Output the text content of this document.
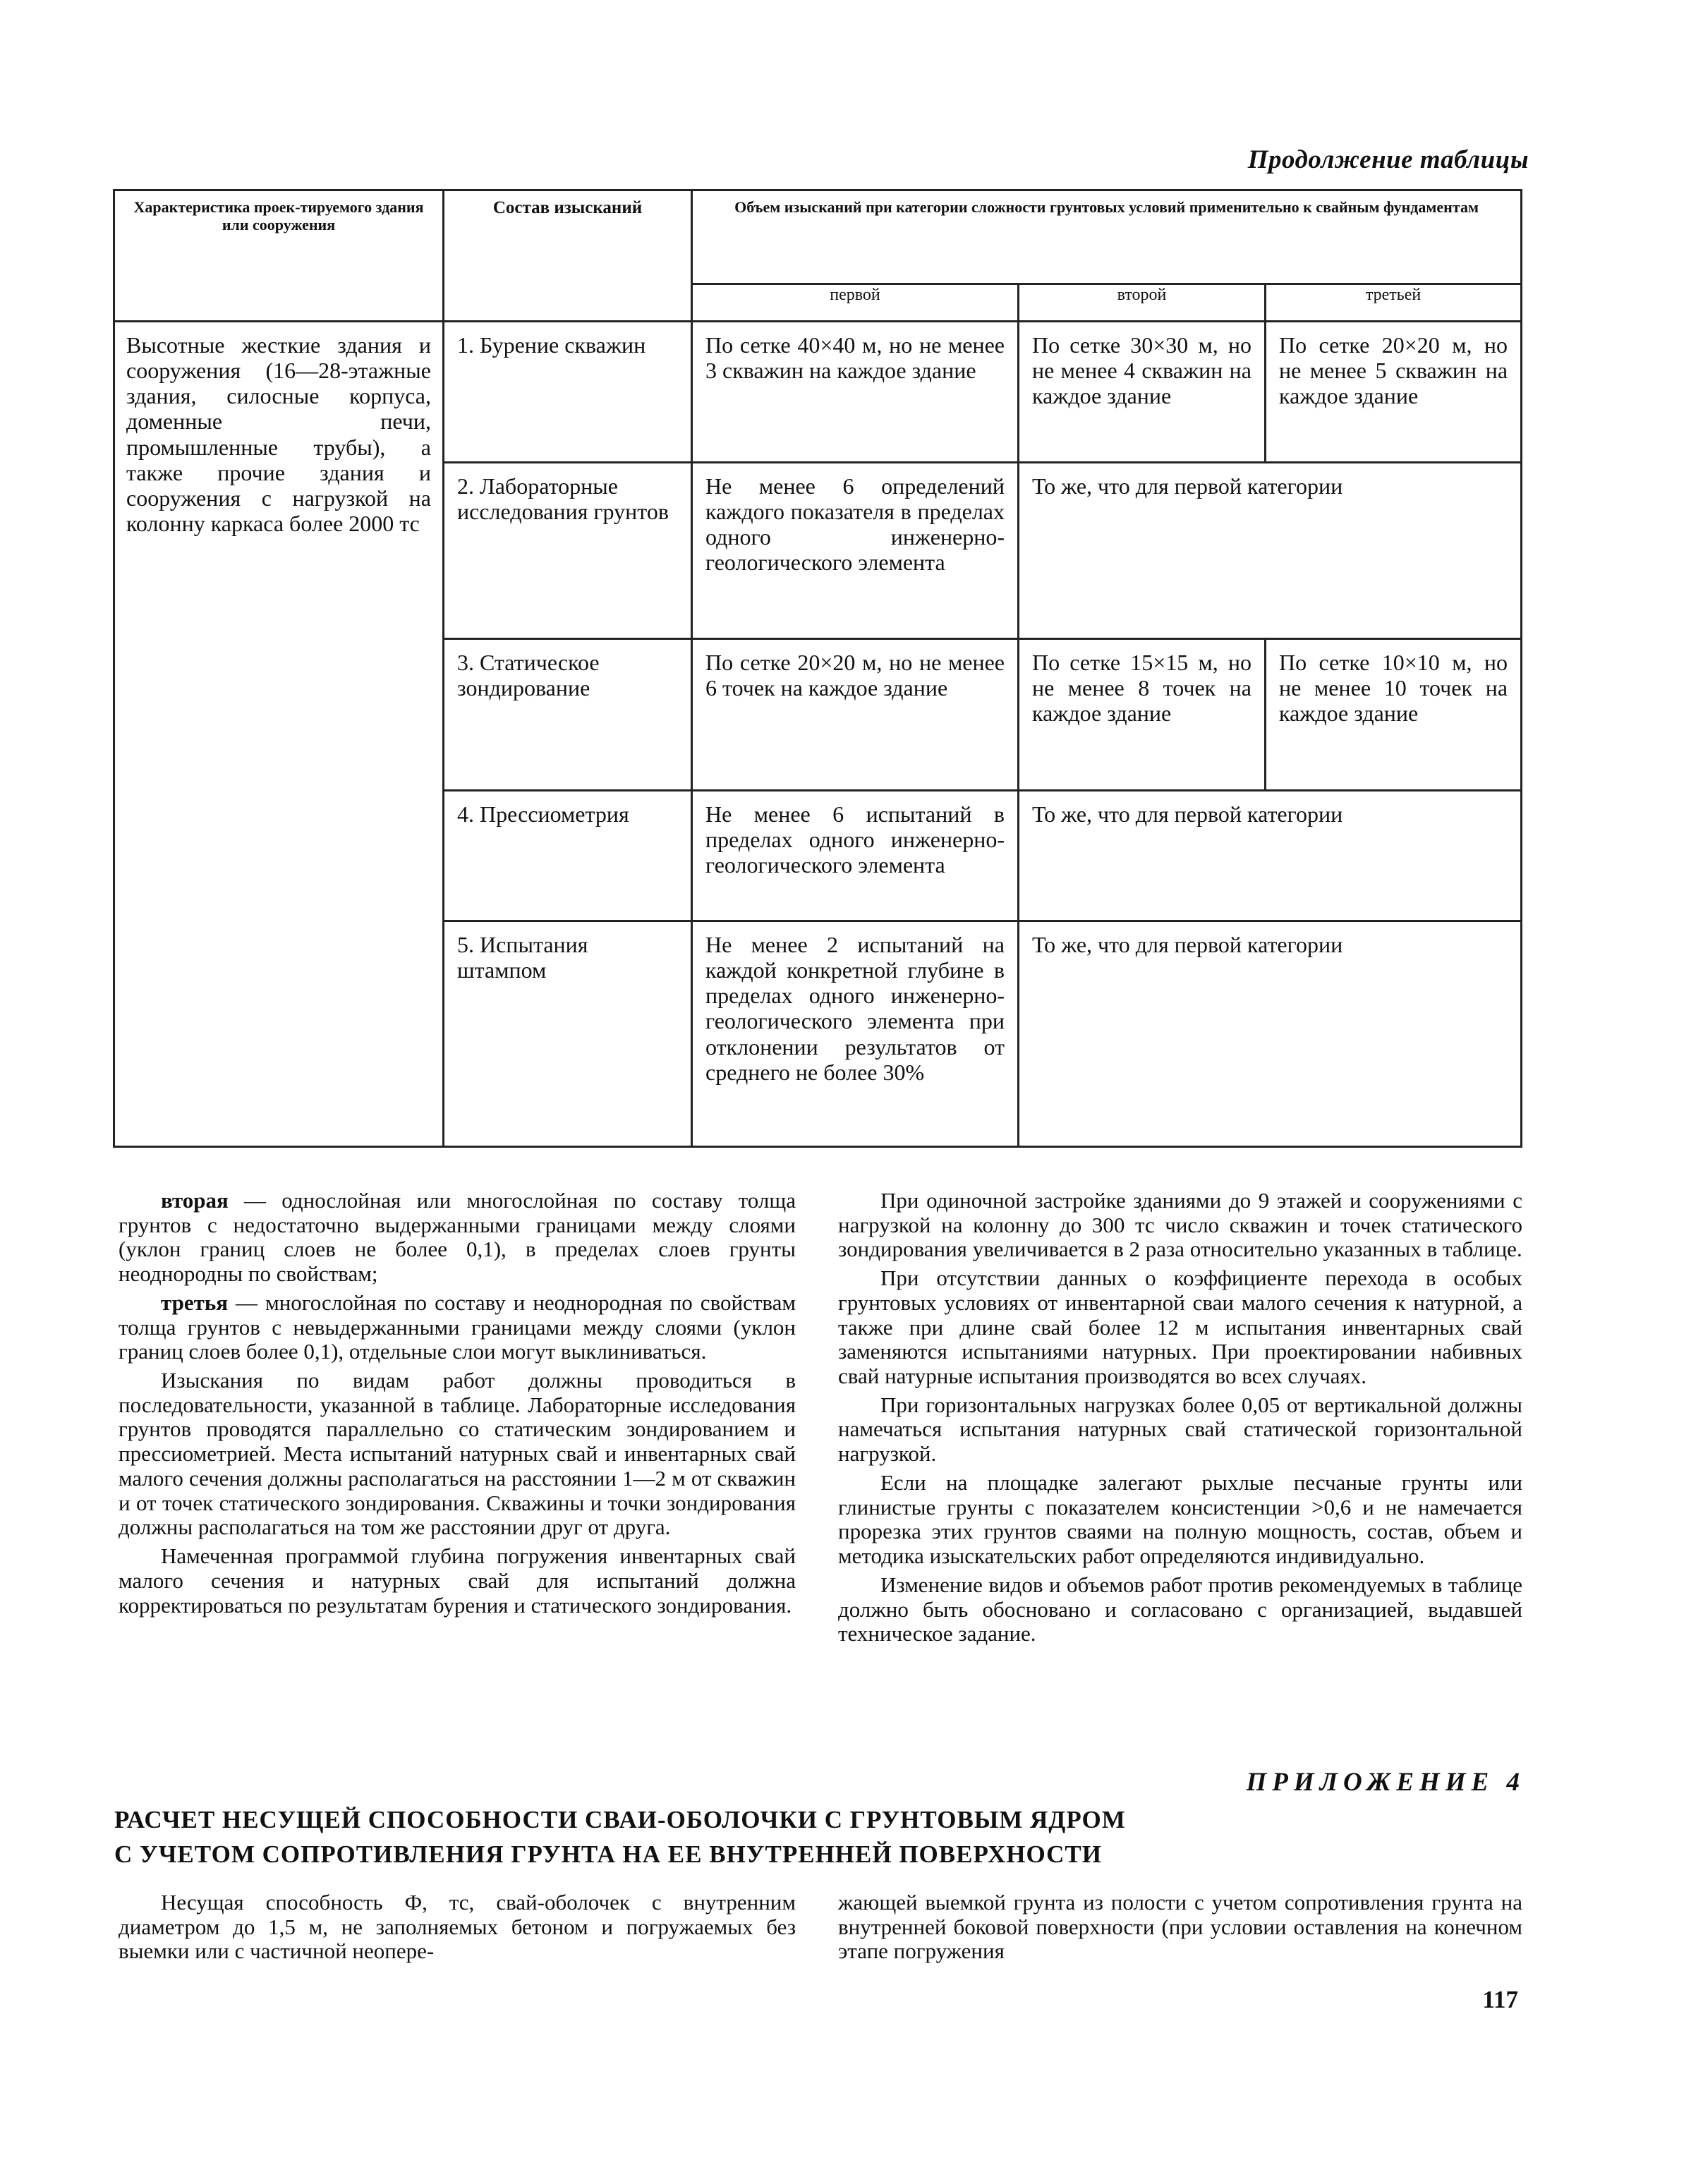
Продолжение таблицы
Характеристика проек-тируемого здания или сооружения	Состав изысканий	Объем изысканий при категории сложности грунтовых условий применительно к свайным фундаментам		
		первой	второй	третьей
Высотные жесткие здания и сооружения (16—28-этажные здания, силосные корпуса, доменные печи, промышленные трубы), а также прочие здания и сооружения с нагрузкой на колонну каркаса более 2000 тс	1. Бурение скважин	По сетке 40×40 м, но не менее 3 скважин на каждое здание	По сетке 30×30 м, но не менее 4 скважин на каждое здание	По сетке 20×20 м, но не менее 5 скважин на каждое здание
	2. Лабораторные исследования грунтов	Не менее 6 определений каждого показателя в пределах одного инженерно-геологического элемента	То же, что для первой категории	
	3. Статическое зондирование	По сетке 20×20 м, но не менее 6 точек на каждое здание	По сетке 15×15 м, но не менее 8 точек на каждое здание	По сетке 10×10 м, но не менее 10 точек на каждое здание
	4. Прессиометрия	Не менее 6 испытаний в пределах одного инженерно-геологического элемента	То же, что для первой категории	
	5. Испытания штампом	Не менее 2 испытаний на каждой конкретной глубине в пределах одного инженерно-геологического элемента при отклонении результатов от среднего не более 30%	То же, что для первой категории	

вторая — однослойная или многослойная по составу толща грунтов с недостаточно выдержанными границами между слоями (уклон границ слоев не более 0,1), в пределах слоев грунты неоднородны по свойствам;

третья — многослойная по составу и неоднородная по свойствам толща грунтов с невыдержанными границами между слоями (уклон границ слоев более 0,1), отдельные слои могут выклиниваться.

Изыскания по видам работ должны проводиться в последовательности, указанной в таблице. Лабораторные исследования грунтов проводятся параллельно со статическим зондированием и прессиометрией. Места испытаний натурных свай и инвентарных свай малого сечения должны располагаться на расстоянии 1—2 м от скважин и от точек статического зондирования. Скважины и точки зондирования должны располагаться на том же расстоянии друг от друга.

Намеченная программой глубина погружения инвентарных свай малого сечения и натурных свай для испытаний должна корректироваться по результатам бурения и статического зондирования.

При одиночной застройке зданиями до 9 этажей и сооружениями с нагрузкой на колонну до 300 тс число скважин и точек статического зондирования увеличивается в 2 раза относительно указанных в таблице.

При отсутствии данных о коэффициенте перехода в особых грунтовых условиях от инвентарной сваи малого сечения к натурной, а также при длине свай более 12 м испытания инвентарных свай заменяются испытаниями натурных. При проектировании набивных свай натурные испытания производятся во всех случаях.

При горизонтальных нагрузках более 0,05 от вертикальной должны намечаться испытания натурных свай статической горизонтальной нагрузкой.

Если на площадке залегают рыхлые песчаные грунты или глинистые грунты с показателем консистенции >0,6 и не намечается прорезка этих грунтов сваями на полную мощность, состав, объем и методика изыскательских работ определяются индивидуально.

Изменение видов и объемов работ против рекомендуемых в таблице должно быть обосновано и согласовано с организацией, выдавшей техническое задание.

ПРИЛОЖЕНИЕ 4
РАСЧЕТ НЕСУЩЕЙ СПОСОБНОСТИ СВАИ-ОБОЛОЧКИ С ГРУНТОВЫМ ЯДРОМ
С УЧЕТОМ СОПРОТИВЛЕНИЯ ГРУНТА НА ЕЕ ВНУТРЕННЕЙ ПОВЕРХНОСТИ

Несущая способность Ф, тс, свай-оболочек с внутренним диаметром до 1,5 м, не заполняемых бетоном и погружаемых без выемки или с частичной неопере-

жающей выемкой грунта из полости с учетом сопротивления грунта на внутренней боковой поверхности (при условии оставления на конечном этапе погружения

117
